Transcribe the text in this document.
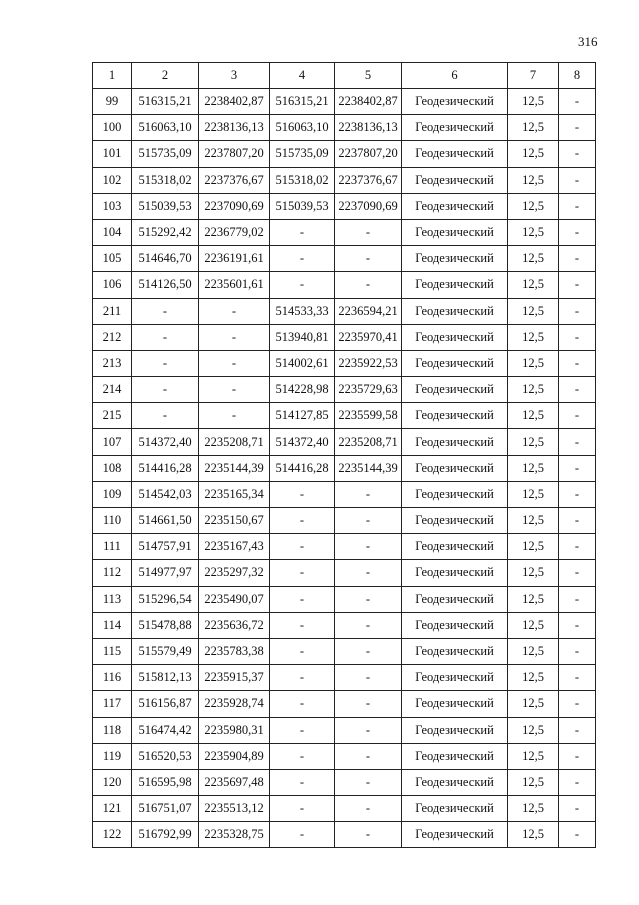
316
1	2	3	4	5	6	7	8
99	516315,21	2238402,87	516315,21	2238402,87	Геодезический	12,5	-
100	516063,10	2238136,13	516063,10	2238136,13	Геодезический	12,5	-
101	515735,09	2237807,20	515735,09	2237807,20	Геодезический	12,5	-
102	515318,02	2237376,67	515318,02	2237376,67	Геодезический	12,5	-
103	515039,53	2237090,69	515039,53	2237090,69	Геодезический	12,5	-
104	515292,42	2236779,02	-	-	Геодезический	12,5	-
105	514646,70	2236191,61	-	-	Геодезический	12,5	-
106	514126,50	2235601,61	-	-	Геодезический	12,5	-
211	-	-	514533,33	2236594,21	Геодезический	12,5	-
212	-	-	513940,81	2235970,41	Геодезический	12,5	-
213	-	-	514002,61	2235922,53	Геодезический	12,5	-
214	-	-	514228,98	2235729,63	Геодезический	12,5	-
215	-	-	514127,85	2235599,58	Геодезический	12,5	-
107	514372,40	2235208,71	514372,40	2235208,71	Геодезический	12,5	-
108	514416,28	2235144,39	514416,28	2235144,39	Геодезический	12,5	-
109	514542,03	2235165,34	-	-	Геодезический	12,5	-
110	514661,50	2235150,67	-	-	Геодезический	12,5	-
111	514757,91	2235167,43	-	-	Геодезический	12,5	-
112	514977,97	2235297,32	-	-	Геодезический	12,5	-
113	515296,54	2235490,07	-	-	Геодезический	12,5	-
114	515478,88	2235636,72	-	-	Геодезический	12,5	-
115	515579,49	2235783,38	-	-	Геодезический	12,5	-
116	515812,13	2235915,37	-	-	Геодезический	12,5	-
117	516156,87	2235928,74	-	-	Геодезический	12,5	-
118	516474,42	2235980,31	-	-	Геодезический	12,5	-
119	516520,53	2235904,89	-	-	Геодезический	12,5	-
120	516595,98	2235697,48	-	-	Геодезический	12,5	-
121	516751,07	2235513,12	-	-	Геодезический	12,5	-
122	516792,99	2235328,75	-	-	Геодезический	12,5	-
